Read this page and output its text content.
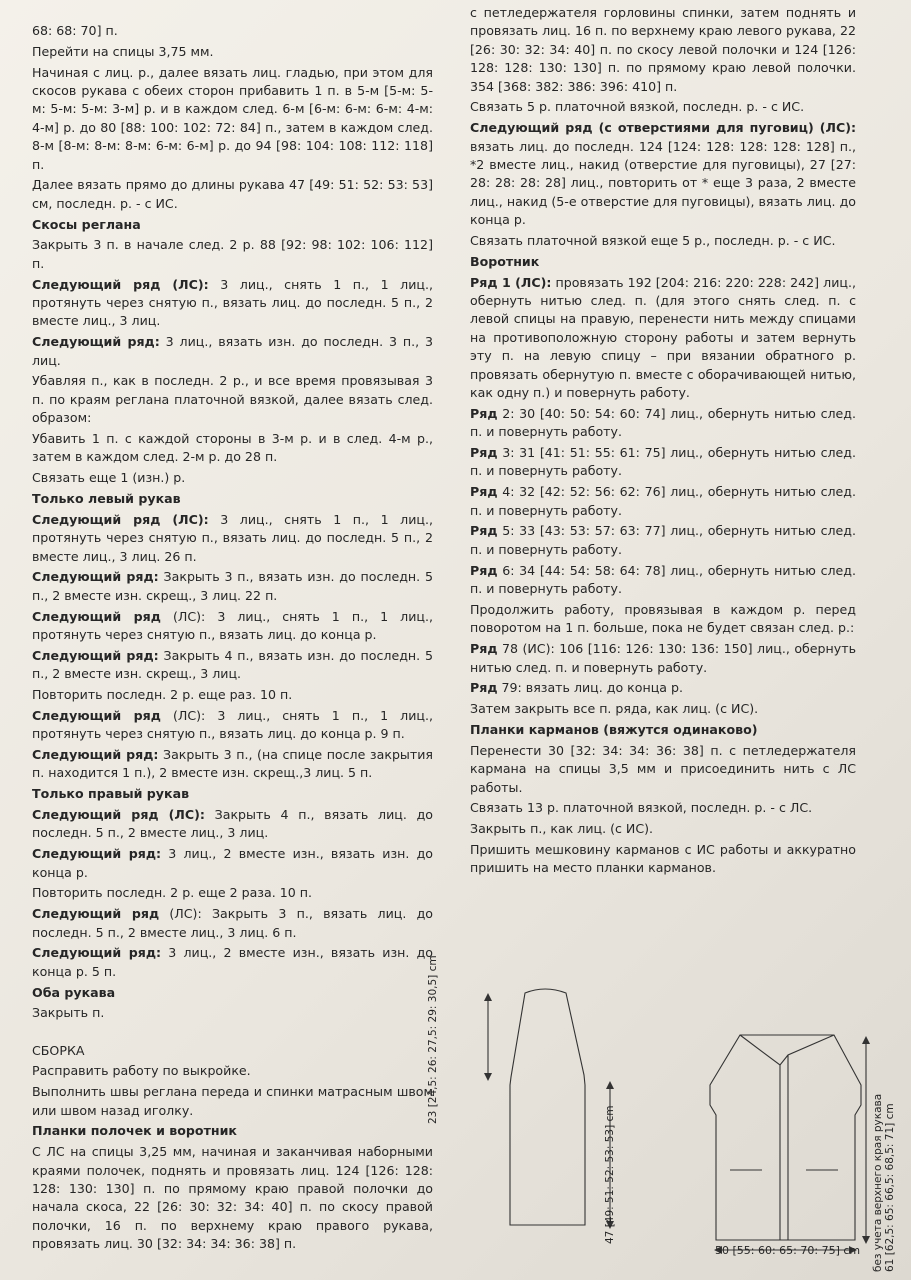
68: 68: 70] п.

Перейти на спицы 3,75 мм.

Начиная с лиц. р., далее вязать лиц. гладью, при этом для скосов рукава с обеих сторон прибавить 1 п. в 5-м [5-м: 5-м: 5-м: 5-м: 3-м] р. и в каждом след. 6-м [6-м: 6-м: 6-м: 4-м: 4-м] р. до 80 [88: 100: 102: 72: 84] п., затем в каждом след. 8-м [8-м: 8-м: 8-м: 6-м: 6-м] р. до 94 [98: 104: 108: 112: 118] п.

Далее вязать прямо до длины рукава 47 [49: 51: 52: 53: 53] см, последн. р. - с ИС.

Скосы реглана

Закрыть 3 п. в начале след. 2 р. 88 [92: 98: 102: 106: 112] п.

Следующий ряд (ЛС): 3 лиц., снять 1 п., 1 лиц., протянуть через снятую п., вязать лиц. до последн. 5 п., 2 вместе лиц., 3 лиц.

Следующий ряд: 3 лиц., вязать изн. до последн. 3 п., 3 лиц.

Убавляя п., как в последн. 2 р., и все время провязывая 3 п. по краям реглана платочной вязкой, далее вязать след. образом:

Убавить 1 п. с каждой стороны в 3-м р. и в след. 4-м р., затем в каждом след. 2-м р. до 28 п.

Связать еще 1 (изн.) р.

Только левый рукав

Следующий ряд (ЛС): 3 лиц., снять 1 п., 1 лиц., протянуть через снятую п., вязать лиц. до последн. 5 п., 2 вместе лиц., 3 лиц. 26 п.

Следующий ряд: Закрыть 3 п., вязать изн. до последн. 5 п., 2 вместе изн. скрещ., 3 лиц. 22 п.

Следующий ряд (ЛС): 3 лиц., снять 1 п., 1 лиц., протянуть через снятую п., вязать лиц. до конца р.

Следующий ряд: Закрыть 4 п., вязать изн. до последн. 5 п., 2 вместе изн. скрещ., 3 лиц.

Повторить последн. 2 р. еще раз. 10 п.

Следующий ряд (ЛС): 3 лиц., снять 1 п., 1 лиц., протянуть через снятую п., вязать лиц. до конца р. 9 п.

Следующий ряд: Закрыть 3 п., (на спице после закрытия п. находится 1 п.), 2 вместе изн. скрещ.,3 лиц. 5 п.

Только правый рукав

Следующий ряд (ЛС): Закрыть 4 п., вязать лиц. до последн. 5 п., 2 вместе лиц., 3 лиц.

Следующий ряд: 3 лиц., 2 вместе изн., вязать изн. до конца р.

Повторить последн. 2 р. еще 2 раза. 10 п.

Следующий ряд (ЛС): Закрыть 3 п., вязать лиц. до последн. 5 п., 2 вместе лиц., 3 лиц. 6 п.

Следующий ряд: 3 лиц., 2 вместе изн., вязать изн. до конца р. 5 п.

Оба рукава

Закрыть п.

СБОРКА

Расправить работу по выкройке.

Выполнить швы реглана переда и спинки матрасным швом или швом назад иголку.

Планки полочек и воротник

С ЛС на спицы 3,25 мм, начиная и заканчивая наборными краями полочек, поднять и провязать лиц. 124 [126: 128: 128: 130: 130] п. по прямому краю правой полочки до начала скоса, 22 [26: 30: 32: 34: 40] п. по скосу правой полочки, 16 п. по верхнему краю правого рукава, провязать лиц. 30 [32: 34: 34: 36: 38] п.

с петледержателя горловины спинки, затем поднять и провязать лиц. 16 п. по верхнему краю левого рукава, 22 [26: 30: 32: 34: 40] п. по скосу левой полочки и 124 [126: 128: 128: 130: 130] п. по прямому краю левой полочки. 354 [368: 382: 386: 396: 410] п.

Связать 5 р. платочной вязкой, последн. р. - с ИС.

Следующий ряд (с отверстиями для пуговиц) (ЛС): вязать лиц. до последн. 124 [124: 128: 128: 128: 128] п., *2 вместе лиц., накид (отверстие для пуговицы), 27 [27: 28: 28: 28: 28] лиц., повторить от * еще 3 раза, 2 вместе лиц., накид (5-е отверстие для пуговицы), вязать лиц. до конца р.

Связать платочной вязкой еще 5 р., последн. р. - с ИС.

Воротник

Ряд 1 (ЛС): провязать 192 [204: 216: 220: 228: 242] лиц., обернуть нитью след. п. (для этого снять след. п. с левой спицы на правую, перенести нить между спицами на противоположную сторону работы и затем вернуть эту п. на левую спицу – при вязании обратного р. провязать обернутую п. вместе с оборачивающей нитью, как одну п.) и повернуть работу.

Ряд 2: 30 [40: 50: 54: 60: 74] лиц., обернуть нитью след. п. и повернуть работу.

Ряд 3: 31 [41: 51: 55: 61: 75] лиц., обернуть нитью след. п. и повернуть работу.

Ряд 4: 32 [42: 52: 56: 62: 76] лиц., обернуть нитью след. п. и повернуть работу.

Ряд 5: 33 [43: 53: 57: 63: 77] лиц., обернуть нитью след. п. и повернуть работу.

Ряд 6: 34 [44: 54: 58: 64: 78] лиц., обернуть нитью след. п. и повернуть работу.

Продолжить работу, провязывая в каждом р. перед поворотом на 1 п. больше, пока не будет связан след. р.:

Ряд 78 (ИС): 106 [116: 126: 130: 136: 150] лиц., обернуть нитью след. п. и повернуть работу.

Ряд 79: вязать лиц. до конца р.

Затем закрыть все п. ряда, как лиц. (с ИС).

Планки карманов (вяжутся одинаково)

Перенести 30 [32: 34: 34: 36: 38] п. с петледержателя кармана на спицы 3,5 мм и присоединить нить с ЛС работы.

Связать 13 р. платочной вязкой, последн. р. - с ЛС.

Закрыть п., как лиц. (с ИС).

Пришить мешковину карманов с ИС работы и аккуратно пришить на место планки карманов.

23 [24,5: 26: 27,5: 29: 30,5] cm
47 [49: 51: 52: 53: 53] cm	61 [62,5: 65: 66,5: 68,5: 71] cm
без учета верхнего края рукава
50 [55: 60: 65: 70: 75] cm
